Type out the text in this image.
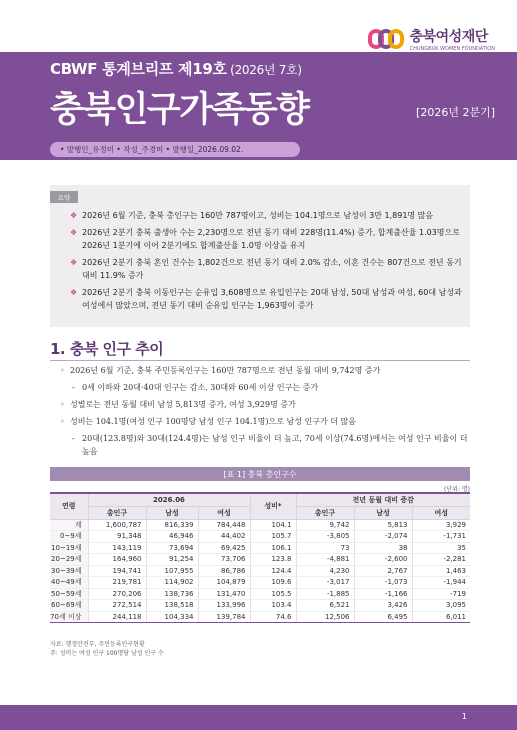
충북여성재단
CHUNGBUK WOMEN FOUNDATION
CBWF 통계브리프 제19호 (2026년 7호)
충북인구가족동향	[2026년 2분기]
• 발행인_유정미 • 작성_주경미 • 발행일_2026.09.02.
요약
❖ 2026년 6월 기준, 충북 총인구는 160만 787명이고, 성비는 104.1명으로 남성이 3만 1,891명 많음
❖ 2026년 2분기 충북 출생아 수는 2,230명으로 전년 동기 대비 228명(11.4%) 증가, 합계출산율 1.03명으로 2026년 1분기에 이어 2분기에도 합계출산율 1.0명 이상을 유지
❖ 2026년 2분기 충북 혼인 건수는 1,802건으로 전년 동기 대비 2.0% 감소, 이혼 건수는 807건으로 전년 동기 대비 11.9% 증가
❖ 2026년 2분기 충북 이동인구는 순유입 3,608명으로 유입인구는 20대 남성, 50대 남성과 여성, 60대 남성과 여성에서 많았으며, 전년 동기 대비 순유입 인구는 1,963명이 증가
1. 충북 인구 추이
◦ 2026년 6월 기준, 충북 주민등록인구는 160만 787명으로 전년 동월 대비 9,742명 증가
- 0세 이하와 20대·40대 인구는 감소, 30대와 60세 이상 인구는 증가
◦ 성별로는 전년 동월 대비 남성 5,813명 증가, 여성 3,929명 증가
◦ 성비는 104.1명(여성 인구 100명당 남성 인구 104.1명)으로 남성 인구가 더 많음
- 20대(123.8명)와 30대(124.4명)는 남성 인구 비율이 더 높고, 70세 이상(74.6명)에서는 여성 인구 비율이 더 높음
[표 1] 충북 총인구수
(단위: 명)
연령	2026.06			성비*	전년 동월 대비 증감		
	총인구	남성	여성		총인구	남성	여성
계	1,600,787	816,339	784,448	104.1	9,742	5,813	3,929
0~9세	91,348	46,946	44,402	105.7	-3,805	-2,074	-1,731
10~19세	143,119	73,694	69,425	106.1	73	38	35
20~29세	164,960	91,254	73,706	123.8	-4,881	-2,600	-2,281
30~39세	194,741	107,955	86,786	124.4	4,230	2,767	1,463
40~49세	219,781	114,902	104,879	109.6	-3,017	-1,073	-1,944
50~59세	270,206	138,736	131,470	105.5	-1,885	-1,166	-719
60~69세	272,514	138,518	133,996	103.4	6,521	3,426	3,095
70세 이상	244,118	104,334	139,784	74.6	12,506	6,495	6,011
자료: 행정안전부, 주민등록인구현황
주: 성비는 여성 인구 100명당 남성 인구 수
1
